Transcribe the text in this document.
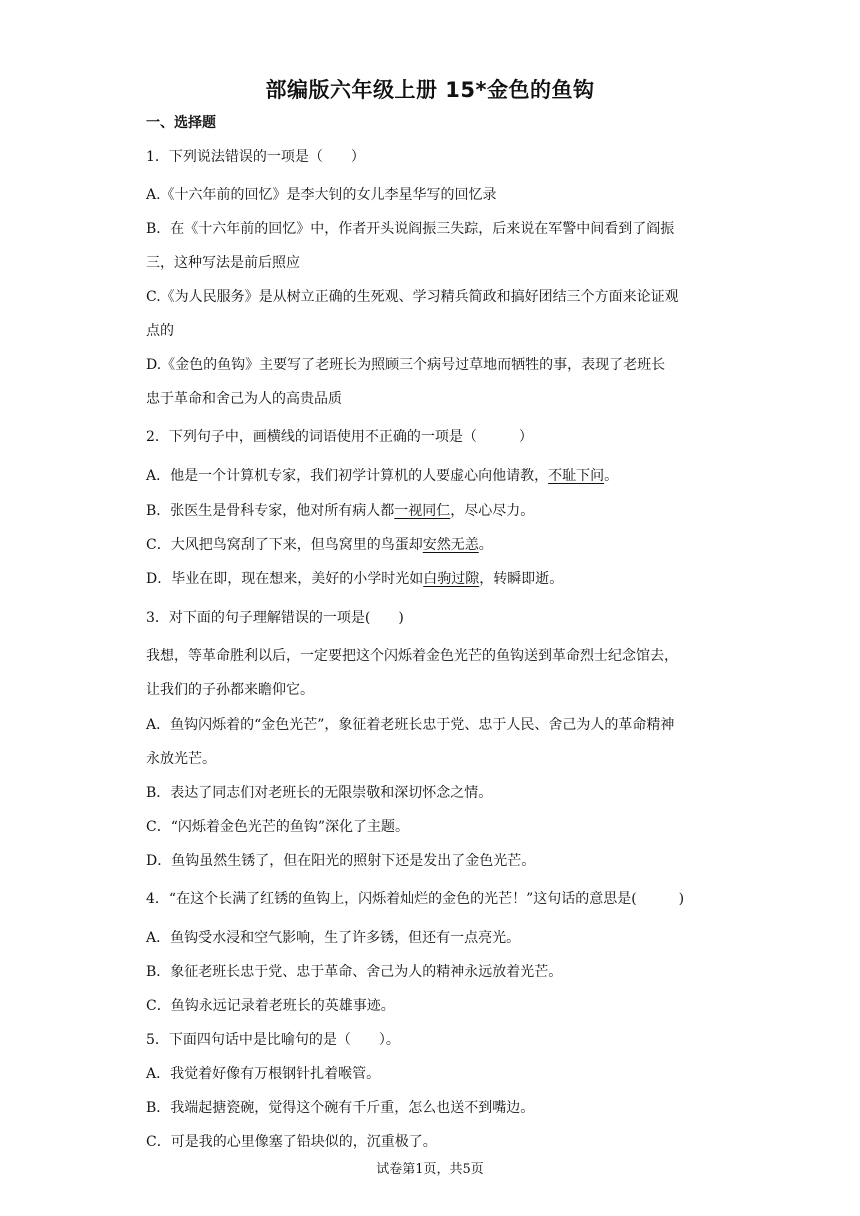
部编版六年级上册 15*金色的鱼钩
一、选择题
1．下列说法错误的一项是（　　）
A.《十六年前的回忆》是李大钊的女儿李星华写的回忆录
B．在《十六年前的回忆》中，作者开头说阎振三失踪，后来说在军警中间看到了阎振
三，这种写法是前后照应
C.《为人民服务》是从树立正确的生死观、学习精兵简政和搞好团结三个方面来论证观
点的
D.《金色的鱼钩》主要写了老班长为照顾三个病号过草地而牺牲的事，表现了老班长
忠于革命和舍己为人的高贵品质
2．下列句子中，画横线的词语使用不正确的一项是（　　　）
A．他是一个计算机专家，我们初学计算机的人要虚心向他请教，不耻下问。
B．张医生是骨科专家，他对所有病人都一视同仁，尽心尽力。
C．大风把鸟窝刮了下来，但鸟窝里的鸟蛋却安然无恙。
D．毕业在即，现在想来，美好的小学时光如白驹过隙，转瞬即逝。
3．对下面的句子理解错误的一项是(　　)
我想，等革命胜利以后，一定要把这个闪烁着金色光芒的鱼钩送到革命烈士纪念馆去，
让我们的子孙都来瞻仰它。
A．鱼钩闪烁着的“金色光芒”，象征着老班长忠于党、忠于人民、舍己为人的革命精神
永放光芒。
B．表达了同志们对老班长的无限崇敬和深切怀念之情。
C．“闪烁着金色光芒的鱼钩”深化了主题。
D．鱼钩虽然生锈了，但在阳光的照射下还是发出了金色光芒。
4．“在这个长满了红锈的鱼钩上，闪烁着灿烂的金色的光芒！”这句话的意思是(　　　)
A．鱼钩受水浸和空气影响，生了许多锈，但还有一点亮光。
B．象征老班长忠于党、忠于革命、舍己为人的精神永远放着光芒。
C．鱼钩永远记录着老班长的英雄事迹。
5．下面四句话中是比喻句的是（　　）。
A．我觉着好像有万根钢针扎着喉管。
B．我端起搪瓷碗，觉得这个碗有千斤重，怎么也送不到嘴边。
C．可是我的心里像塞了铅块似的，沉重极了。
试卷第1页，共5页
